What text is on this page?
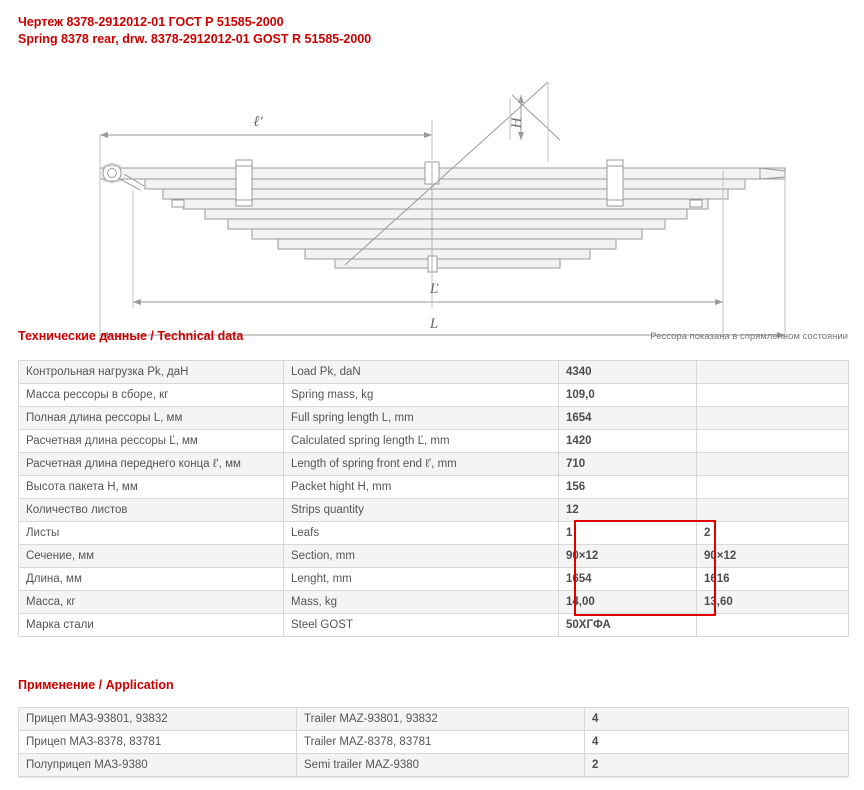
Чертеж 8378-2912012-01 ГОСТ Р 51585-2000
Spring 8378 rear, drw. 8378-2912012-01 GOST R 51585-2000
ℓ'
Ľ
L
H
Технические данные / Technical data	Рессора показана в спрямленном состоянии
Контрольная нагрузка Pk, даН	Load Pk, daN	4340	
Масса рессоры в сборе, кг	Spring mass, kg	109,0	
Полная длина рессоры L, мм	Full spring length L, mm	1654	
Расчетная длина рессоры Ľ, мм	Calculated spring length Ľ, mm	1420	
Расчетная длина переднего конца ℓ', мм	Length of spring front end ℓ', mm	710	
Высота пакета H, мм	Packet hight H, mm	156	
Количество листов	Strips quantity	12	
Листы	Leafs	1	2
Сечение, мм	Section, mm	90×12	90×12
Длина, мм	Lenght, mm	1654	1616
Масса, кг	Mass, kg	14,00	13,60
Марка стали	Steel GOST	50ХГФА	
Применение / Application
Прицеп МАЗ-93801, 93832	Trailer MAZ-93801, 93832	4
Прицеп МАЗ-8378, 83781	Trailer MAZ-8378, 83781	4
Полуприцеп МАЗ-9380	Semi trailer MAZ-9380	2
